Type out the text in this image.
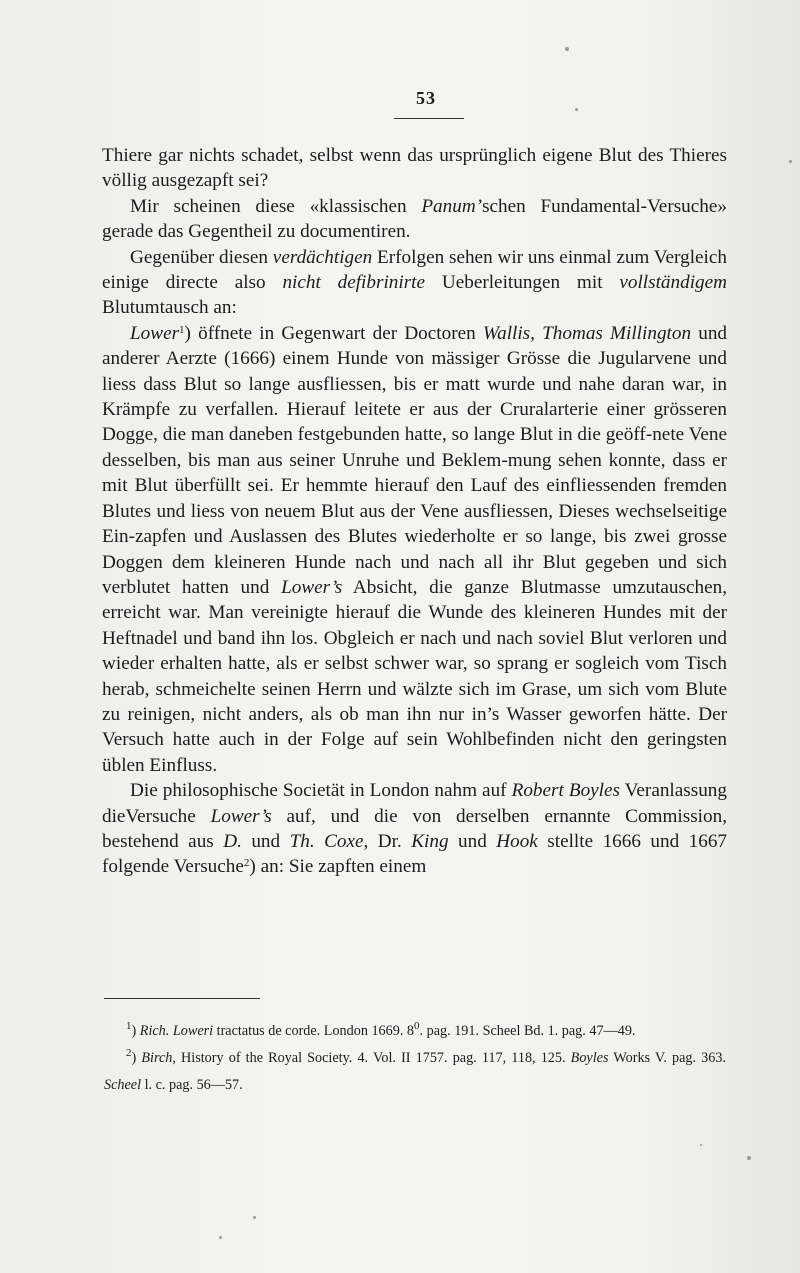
53

Thiere gar nichts schadet, selbst wenn das ursprünglich eigene Blut des Thieres völlig ausgezapft sei?

Mir scheinen diese «klassischen Panum’schen Fundamental-Versuche» gerade das Gegentheil zu documentiren.

Gegenüber diesen verdächtigen Erfolgen sehen wir uns einmal zum Vergleich einige directe also nicht defibrinirte Ueberleitungen mit vollständigem Blutumtausch an:

Lower$^1$) öffnete in Gegenwart der Doctoren Wallis, Thomas Millington und anderer Aerzte (1666) einem Hunde von mässiger Grösse die Jugularvene und liess dass Blut so lange ausfliessen, bis er matt wurde und nahe daran war, in Krämpfe zu verfallen. Hierauf leitete er aus der Cruralarterie einer grösseren Dogge, die man daneben festgebunden hatte, so lange Blut in die geöff-nete Vene desselben, bis man aus seiner Unruhe und Beklem-mung sehen konnte, dass er mit Blut überfüllt sei. Er hemmte hierauf den Lauf des einfliessenden fremden Blutes und liess von neuem Blut aus der Vene ausfliessen, Dieses wechselseitige Ein-zapfen und Auslassen des Blutes wiederholte er so lange, bis zwei grosse Doggen dem kleineren Hunde nach und nach all ihr Blut gegeben und sich verblutet hatten und Lower’s Absicht, die ganze Blutmasse umzutauschen, erreicht war. Man vereinigte hierauf die Wunde des kleineren Hundes mit der Heftnadel und band ihn los. Obgleich er nach und nach soviel Blut verloren und wieder erhalten hatte, als er selbst schwer war, so sprang er sogleich vom Tisch herab, schmeichelte seinen Herrn und wälzte sich im Grase, um sich vom Blute zu reinigen, nicht anders, als ob man ihn nur in’s Wasser geworfen hätte. Der Versuch hatte auch in der Folge auf sein Wohlbefinden nicht den geringsten üblen Einfluss.

Die philosophische Societät in London nahm auf Robert Boyles Veranlassung dieVersuche Lower’s auf, und die von derselben ernannte Commission, bestehend aus D. und Th. Coxe, Dr. King und Hook stellte 1666 und 1667 folgende Versuche$^2$) an: Sie zapften einem

$^1$) Rich. Loweri tractatus de corde. London 1669. $8^0$. pag. 191. Scheel Bd. 1. pag. 47—49.

$^2$) Birch, History of the Royal Society. 4. Vol. II 1757. pag. 117, 118, 125. Boyles Works V. pag. 363. Scheel l. c. pag. 56—57.
